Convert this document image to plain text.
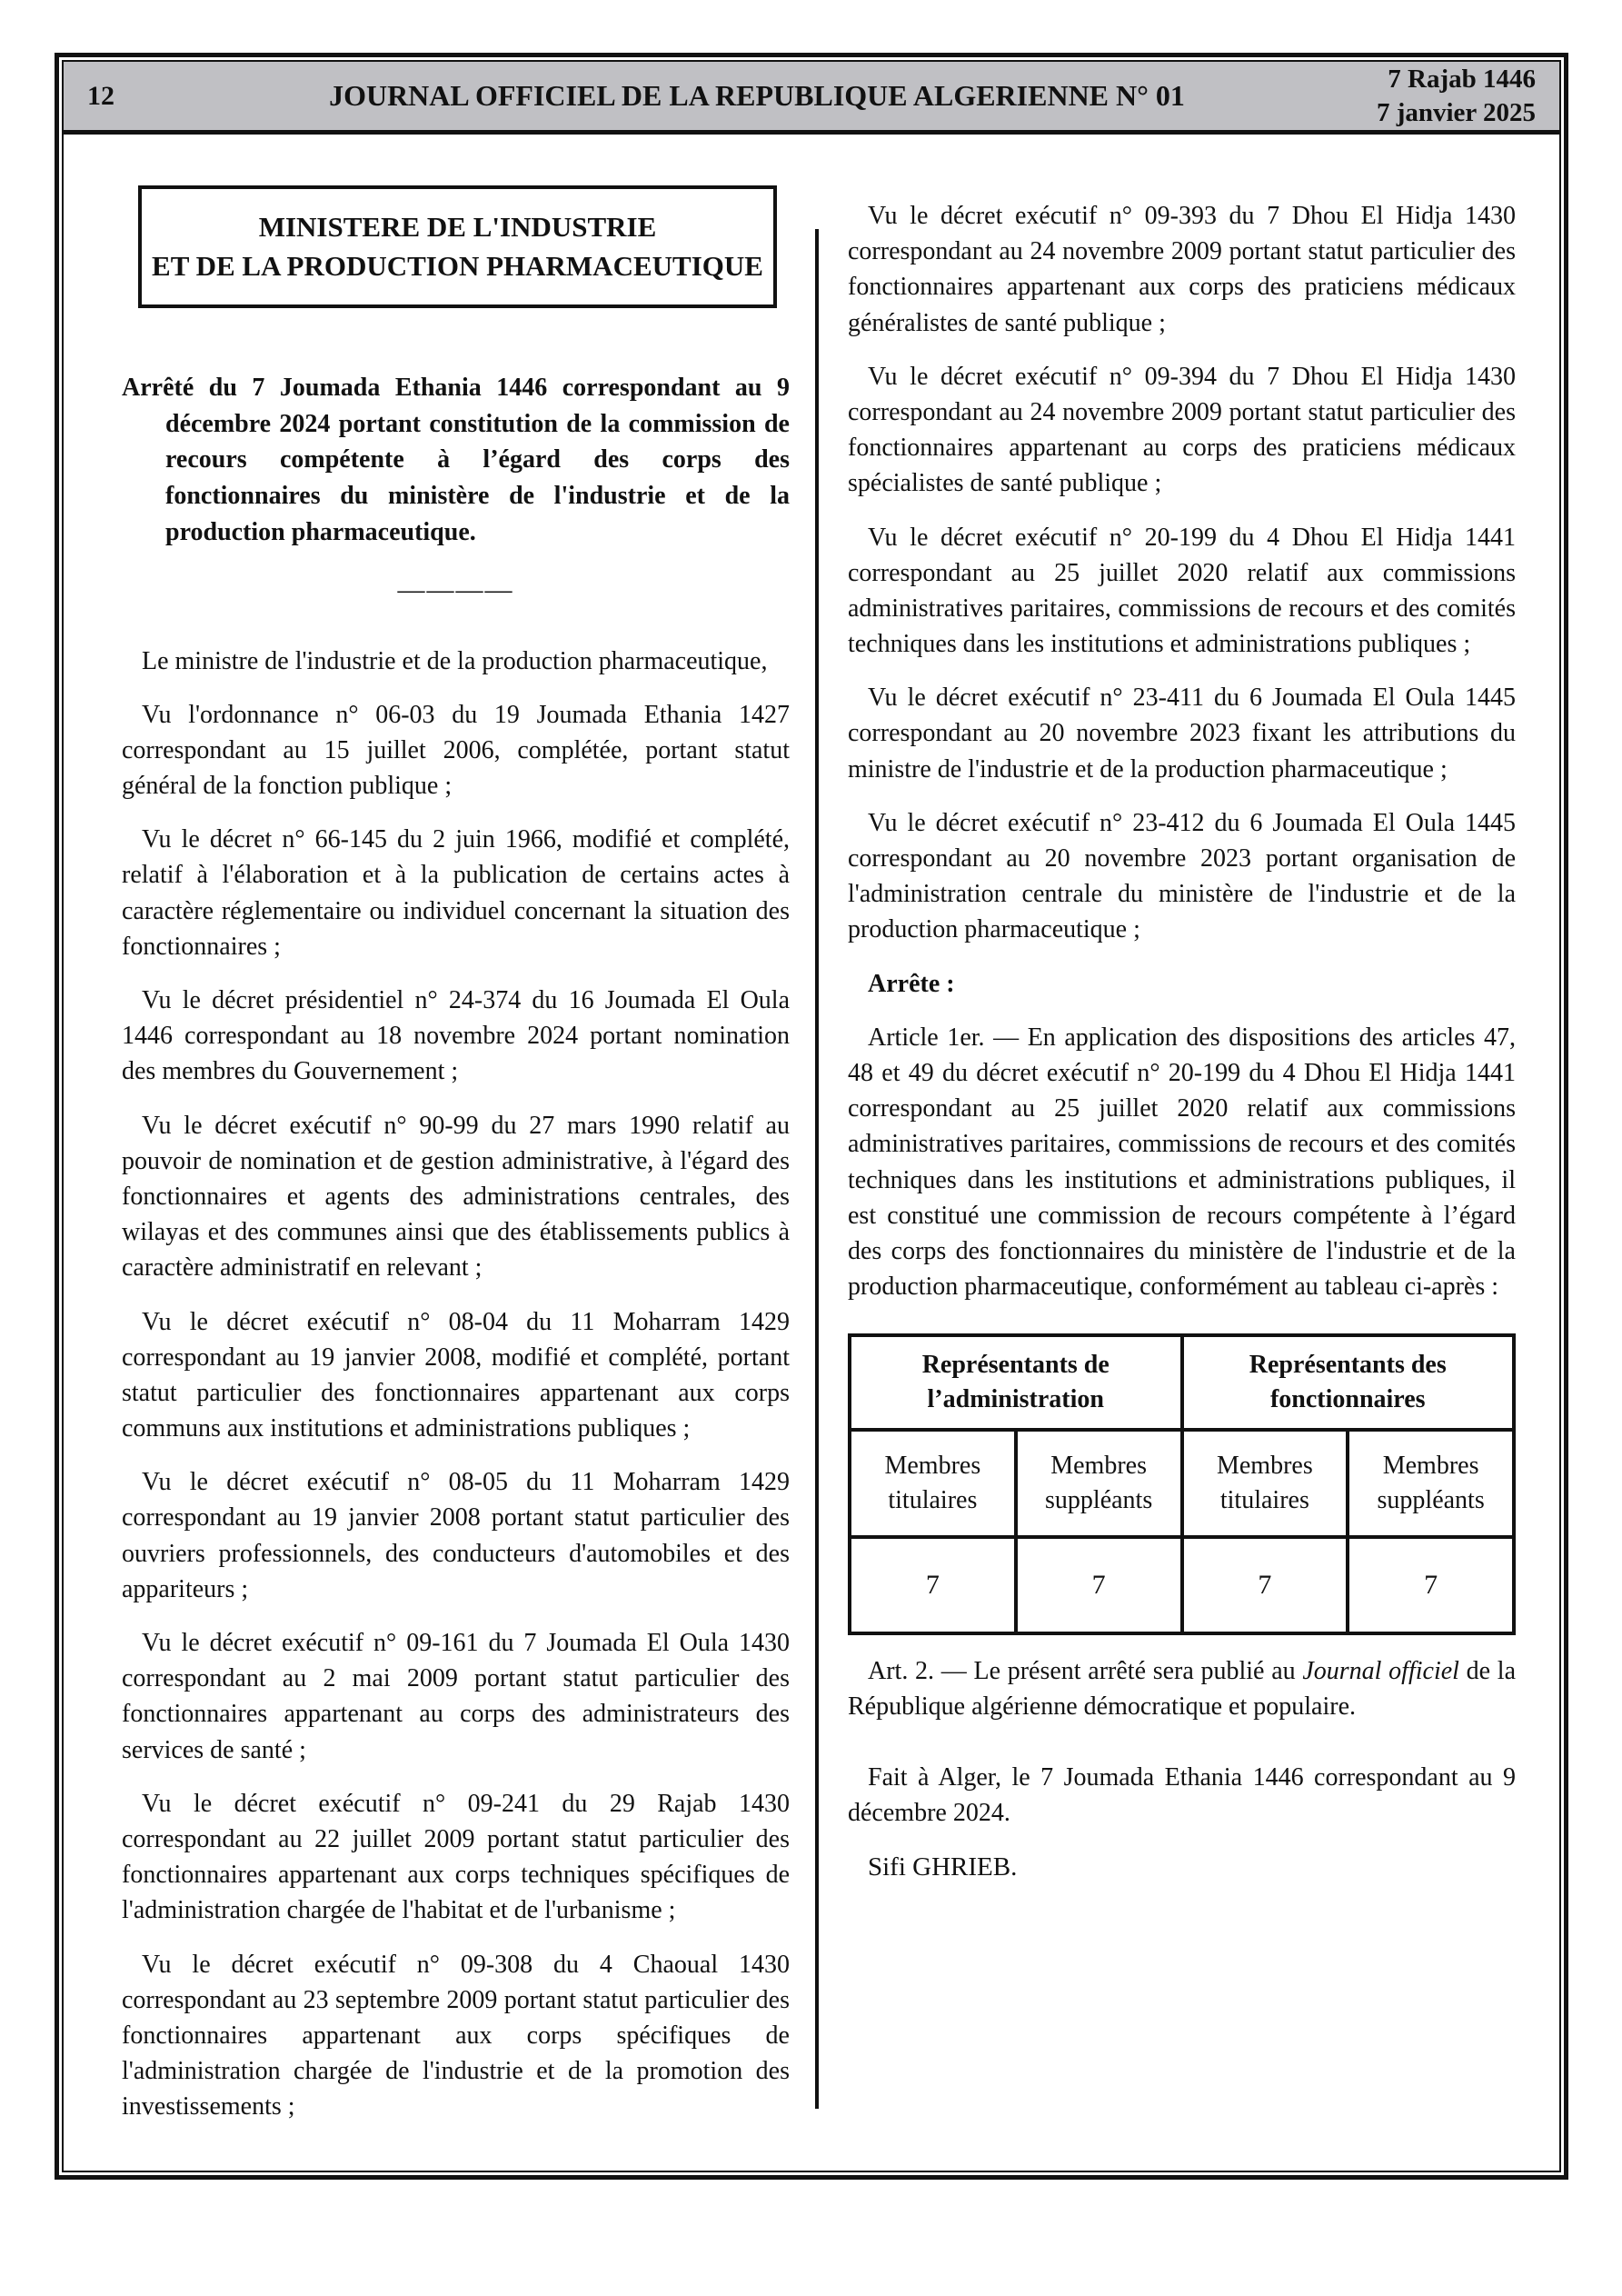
12	JOURNAL OFFICIEL DE LA REPUBLIQUE ALGERIENNE N° 01	7 Rajab 1446
7 janvier 2025
MINISTERE DE L'INDUSTRIE
ET DE LA PRODUCTION PHARMACEUTIQUE

Arrêté du 7 Joumada Ethania 1446 correspondant au 9 décembre 2024 portant constitution de la commission de recours compétente à l’égard des corps des fonctionnaires du ministère de l'industrie et de la production pharmaceutique.

————

Le ministre de l'industrie et de la production pharmaceutique,

Vu l'ordonnance n° 06-03 du 19 Joumada Ethania 1427 correspondant au 15 juillet 2006, complétée, portant statut général de la fonction publique ;

Vu le décret n° 66-145 du 2 juin 1966, modifié et complété, relatif à l'élaboration et à la publication de certains actes à caractère réglementaire ou individuel concernant la situation des fonctionnaires ;

Vu le décret présidentiel n° 24-374 du 16 Joumada El Oula 1446 correspondant au 18 novembre 2024 portant nomination des membres du Gouvernement ;

Vu le décret exécutif n° 90-99 du 27 mars 1990 relatif au pouvoir de nomination et de gestion administrative, à l'égard des fonctionnaires et agents des administrations centrales, des wilayas et des communes ainsi que des établissements publics à caractère administratif en relevant ;

Vu le décret exécutif n° 08-04 du 11 Moharram 1429 correspondant au 19 janvier 2008, modifié et complété, portant statut particulier des fonctionnaires appartenant aux corps communs aux institutions et administrations publiques ;

Vu le décret exécutif n° 08-05 du 11 Moharram 1429 correspondant au 19 janvier 2008 portant statut particulier des ouvriers professionnels, des conducteurs d'automobiles et des appariteurs ;

Vu le décret exécutif n° 09-161 du 7 Joumada El Oula 1430 correspondant au 2 mai 2009 portant statut particulier des fonctionnaires appartenant au corps des administrateurs des services de santé ;

Vu le décret exécutif n° 09-241 du 29 Rajab 1430 correspondant au 22 juillet 2009 portant statut particulier des fonctionnaires appartenant aux corps techniques spécifiques de l'administration chargée de l'habitat et de l'urbanisme ;

Vu le décret exécutif n° 09-308 du 4 Chaoual 1430 correspondant au 23 septembre 2009 portant statut particulier des fonctionnaires appartenant aux corps spécifiques de l'administration chargée de l'industrie et de la promotion des investissements ;

Vu le décret exécutif n° 09-393 du 7 Dhou El Hidja 1430 correspondant au 24 novembre 2009 portant statut particulier des fonctionnaires appartenant aux corps des praticiens médicaux généralistes de santé publique ;

Vu le décret exécutif n° 09-394 du 7 Dhou El Hidja 1430 correspondant au 24 novembre 2009 portant statut particulier des fonctionnaires appartenant au corps des praticiens médicaux spécialistes de santé publique ;

Vu le décret exécutif n° 20-199 du 4 Dhou El Hidja 1441 correspondant au 25 juillet 2020 relatif aux commissions administratives paritaires, commissions de recours et des comités techniques dans les institutions et administrations publiques ;

Vu le décret exécutif n° 23-411 du 6 Joumada El Oula 1445 correspondant au 20 novembre 2023 fixant les attributions du ministre de l'industrie et de la production pharmaceutique ;

Vu le décret exécutif n° 23-412 du 6 Joumada El Oula 1445 correspondant au 20 novembre 2023 portant organisation de l'administration centrale du ministère de l'industrie et de la production pharmaceutique ;

Arrête :

Article 1er. — En application des dispositions des articles 47, 48 et 49 du décret exécutif n° 20-199 du 4 Dhou El Hidja 1441 correspondant au 25 juillet 2020 relatif aux commissions administratives paritaires, commissions de recours et des comités techniques dans les institutions et administrations publiques, il est constitué une commission de recours compétente à l’égard des corps des fonctionnaires du ministère de l'industrie et de la production pharmaceutique, conformément au tableau ci-après :

Représentants de l’administration		Représentants des fonctionnaires	
Membres titulaires	Membres suppléants	Membres titulaires	Membres suppléants
7	7	7	7

Art. 2. — Le présent arrêté sera publié au Journal officiel de la République algérienne démocratique et populaire.

Fait à Alger, le 7 Joumada Ethania 1446 correspondant au 9 décembre 2024.

Sifi GHRIEB.
